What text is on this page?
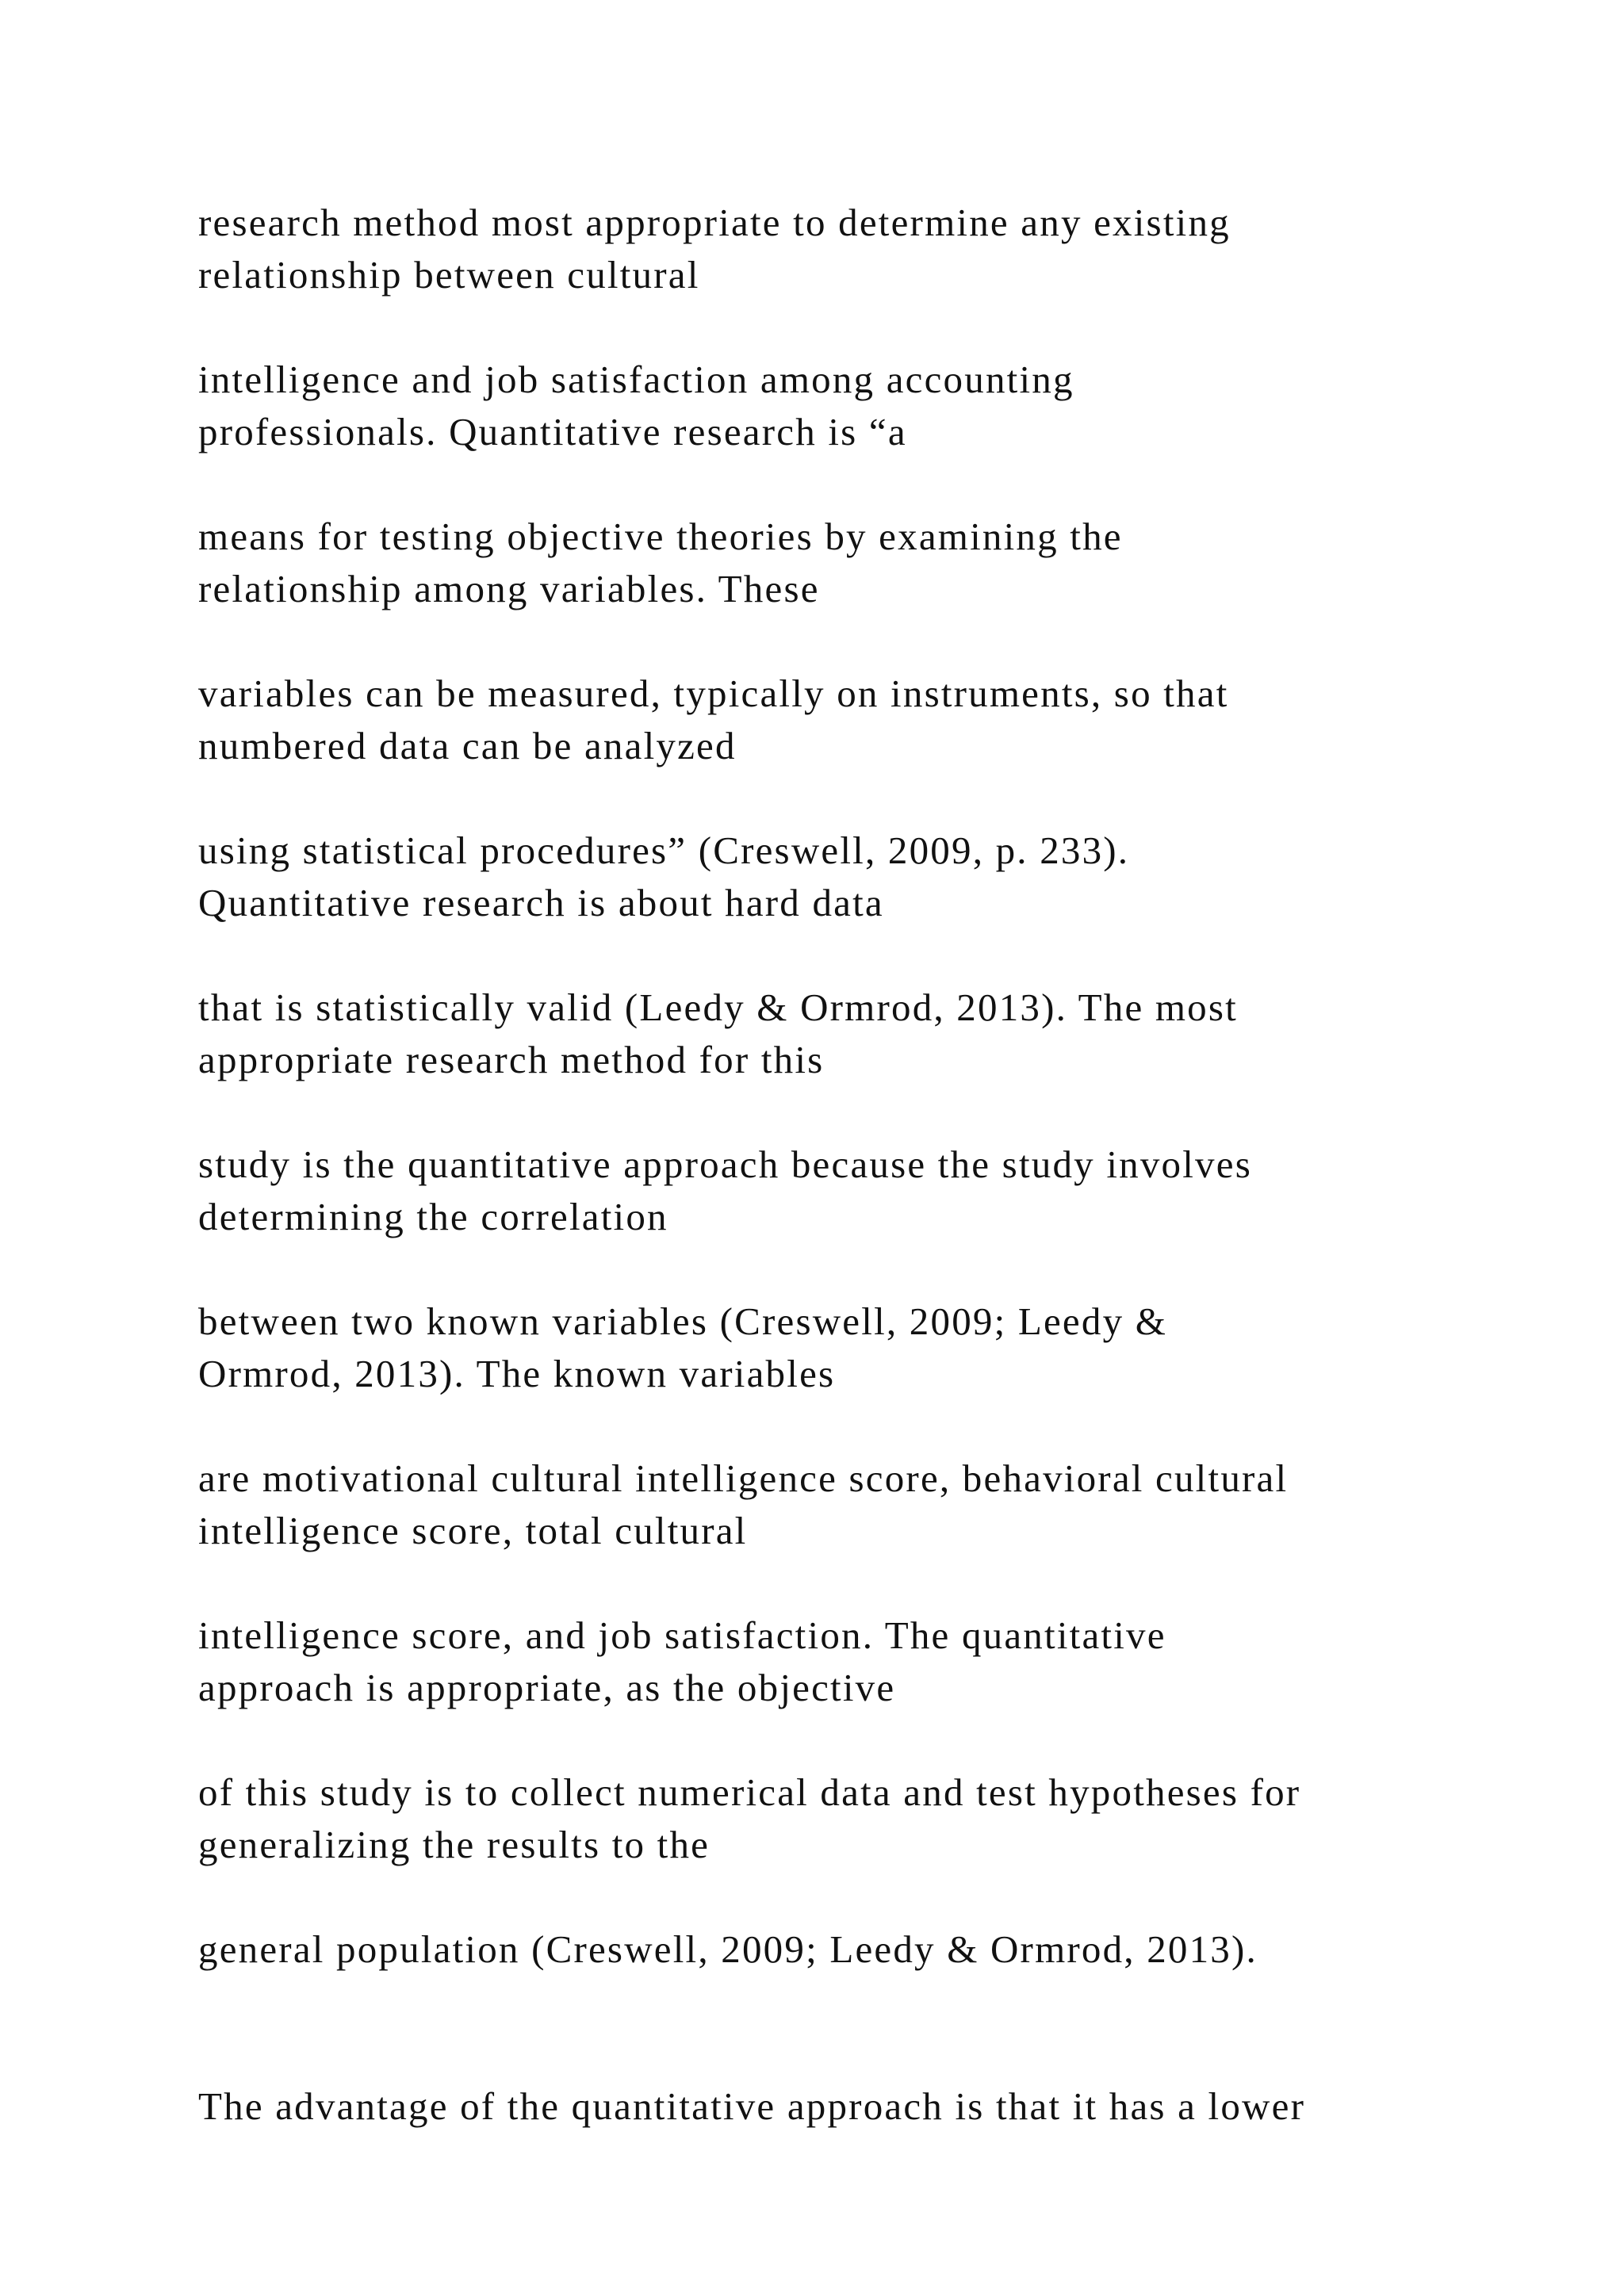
research method most appropriate to determine any existing
relationship between cultural

intelligence and job satisfaction among accounting
professionals. Quantitative research is “a

means for testing objective theories by examining the
relationship among variables. These

variables can be measured, typically on instruments, so that
numbered data can be analyzed

using statistical procedures” (Creswell, 2009, p. 233).
Quantitative research is about hard data

that is statistically valid (Leedy & Ormrod, 2013). The most
appropriate research method for this

study is the quantitative approach because the study involves
determining the correlation

between two known variables (Creswell, 2009; Leedy &
Ormrod, 2013). The known variables

are motivational cultural intelligence score, behavioral cultural
intelligence score, total cultural

intelligence score, and job satisfaction. The quantitative
approach is appropriate, as the objective

of this study is to collect numerical data and test hypotheses for
generalizing the results to the

general population (Creswell, 2009; Leedy & Ormrod, 2013).

The advantage of the quantitative approach is that it has a lower
